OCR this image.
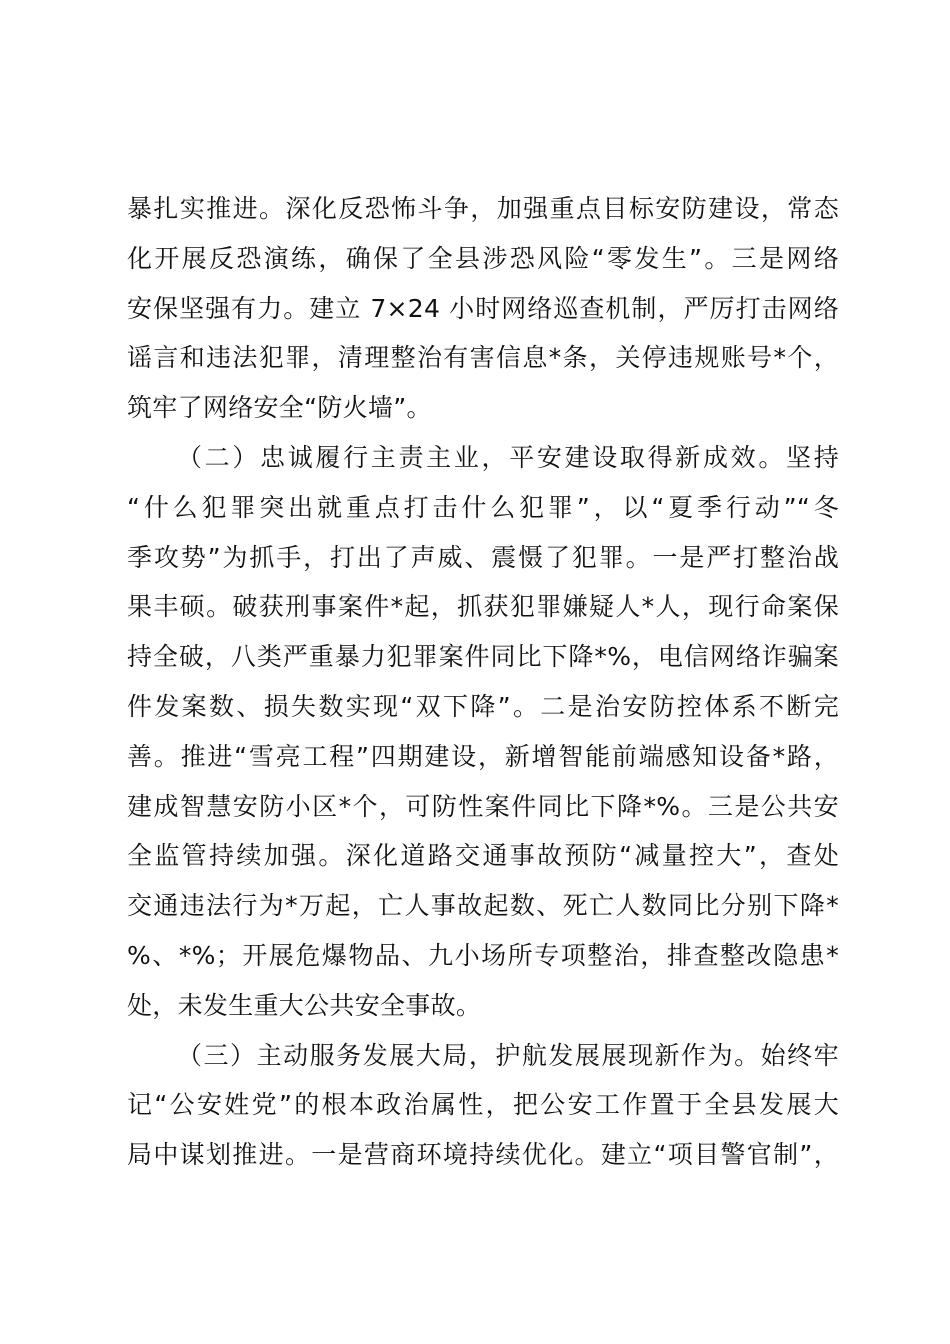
暴扎实推进。深化反恐怖斗争，加强重点目标安防建设，常态
化开展反恐演练，确保了全县涉恐风险“零发生”。三是网络
安保坚强有力。建立 7×24 小时网络巡查机制，严厉打击网络
谣言和违法犯罪，清理整治有害信息*条，关停违规账号*个，
筑牢了网络安全“防火墙”。
（二）忠诚履行主责主业，平安建设取得新成效。坚持
“什么犯罪突出就重点打击什么犯罪”，以“夏季行动”“冬
季攻势”为抓手，打出了声威、震慑了犯罪。一是严打整治战
果丰硕。破获刑事案件*起，抓获犯罪嫌疑人*人，现行命案保
持全破，八类严重暴力犯罪案件同比下降*%，电信网络诈骗案
件发案数、损失数实现“双下降”。二是治安防控体系不断完
善。推进“雪亮工程”四期建设，新增智能前端感知设备*路，
建成智慧安防小区*个，可防性案件同比下降*%。三是公共安
全监管持续加强。深化道路交通事故预防“减量控大”，查处
交通违法行为*万起，亡人事故起数、死亡人数同比分别下降*
%、*%；开展危爆物品、九小场所专项整治，排查整改隐患*
处，未发生重大公共安全事故。
（三）主动服务发展大局，护航发展展现新作为。始终牢
记“公安姓党”的根本政治属性，把公安工作置于全县发展大
局中谋划推进。一是营商环境持续优化。建立“项目警官制”，
